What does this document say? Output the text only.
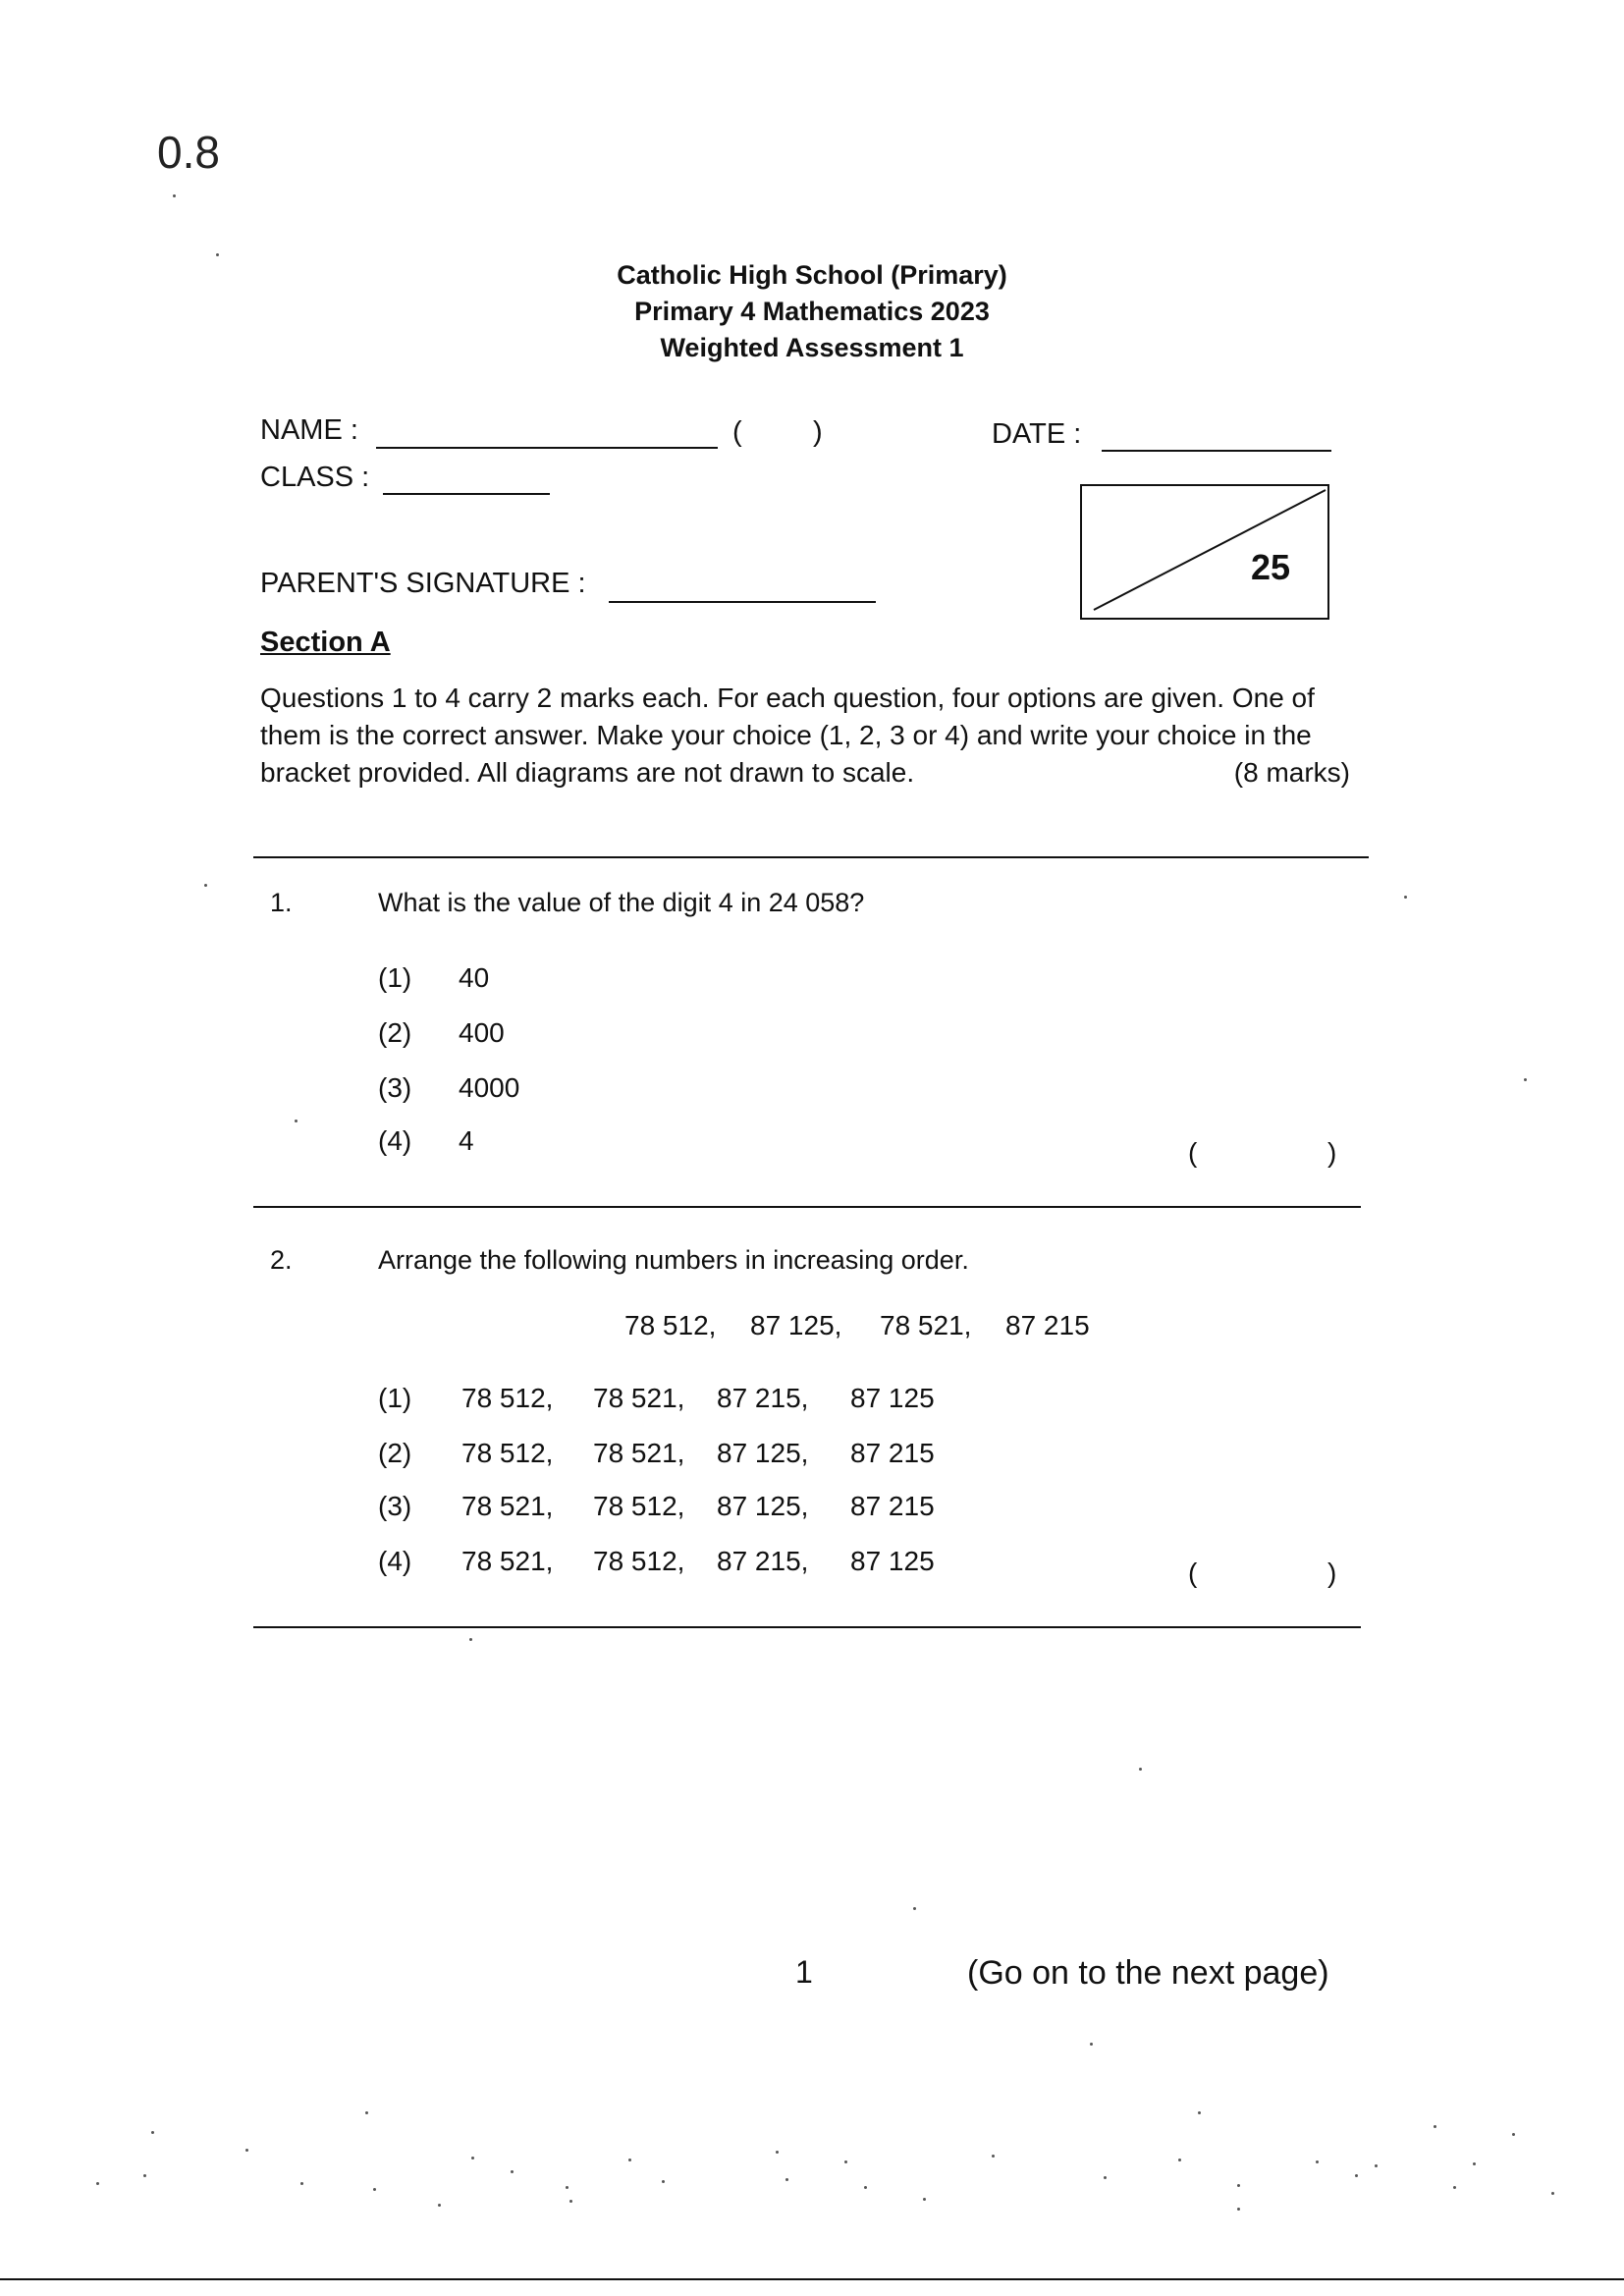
0.8
Catholic High School (Primary)
Primary 4 Mathematics 2023
Weighted Assessment 1
NAME :	( )	DATE :
CLASS :
PARENT'S SIGNATURE :	25
Section A
Questions 1 to 4 carry 2 marks each. For each question, four options are given. One of them is the correct answer. Make your choice (1, 2, 3 or 4) and write your choice in the bracket provided. All diagrams are not drawn to scale.	(8 marks)
1.	What is the value of the digit 4 in 24 058?
(1) 40
(2) 400
(3) 4000
(4) 4	(	)
2.	Arrange the following numbers in increasing order.
78 512, 87 125, 78 521, 87 215
(1) 78 512, 78 521, 87 215, 87 125
(2) 78 512, 78 521, 87 125, 87 215
(3) 78 521, 78 512, 87 125, 87 215
(4) 78 521, 78 512, 87 215, 87 125	(	)
1	(Go on to the next page)
